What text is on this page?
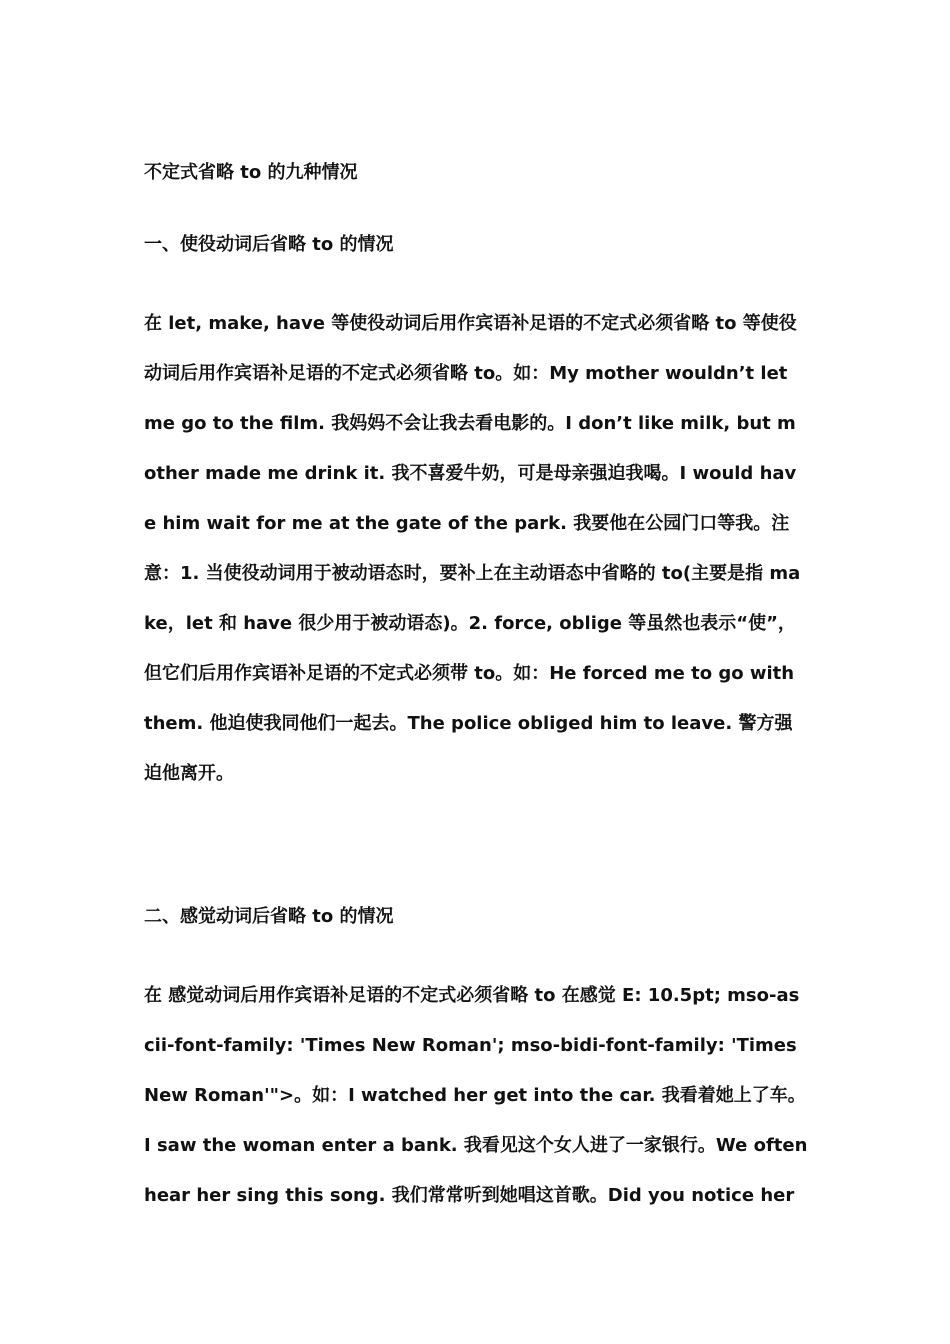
不定式省略 to 的九种情况
一、使役动词后省略 to 的情况

在 let, make, have 等使役动词后用作宾语补足语的不定式必须省略 to 等使役动词后用作宾语补足语的不定式必须省略 to。如：My mother wouldn’t let me go to the film. 我妈妈不会让我去看电影的。I don’t like milk, but mother made me drink it. 我不喜爱牛奶，可是母亲强迫我喝。I would have him wait for me at the gate of the park. 我要他在公园门口等我。注意：1. 当使役动词用于被动语态时，要补上在主动语态中省略的 to(主要是指 make，let 和 have 很少用于被动语态)。2. force, oblige 等虽然也表示“使”，但它们后用作宾语补足语的不定式必须带 to。如：He forced me to go with them. 他迫使我同他们一起去。The police obliged him to leave. 警方强迫他离开。

二、感觉动词后省略 to 的情况

在 感觉动词后用作宾语补足语的不定式必须省略 to 在感觉 E: 10.5pt; mso-ascii-font-family: 'Times New Roman'; mso-bidi-font-family: 'Times New Roman'">。如：I watched her get into the car. 我看着她上了车。I saw the woman enter a bank. 我看见这个女人进了一家银行。We often hear her sing this song. 我们常常听到她唱这首歌。Did you notice her
